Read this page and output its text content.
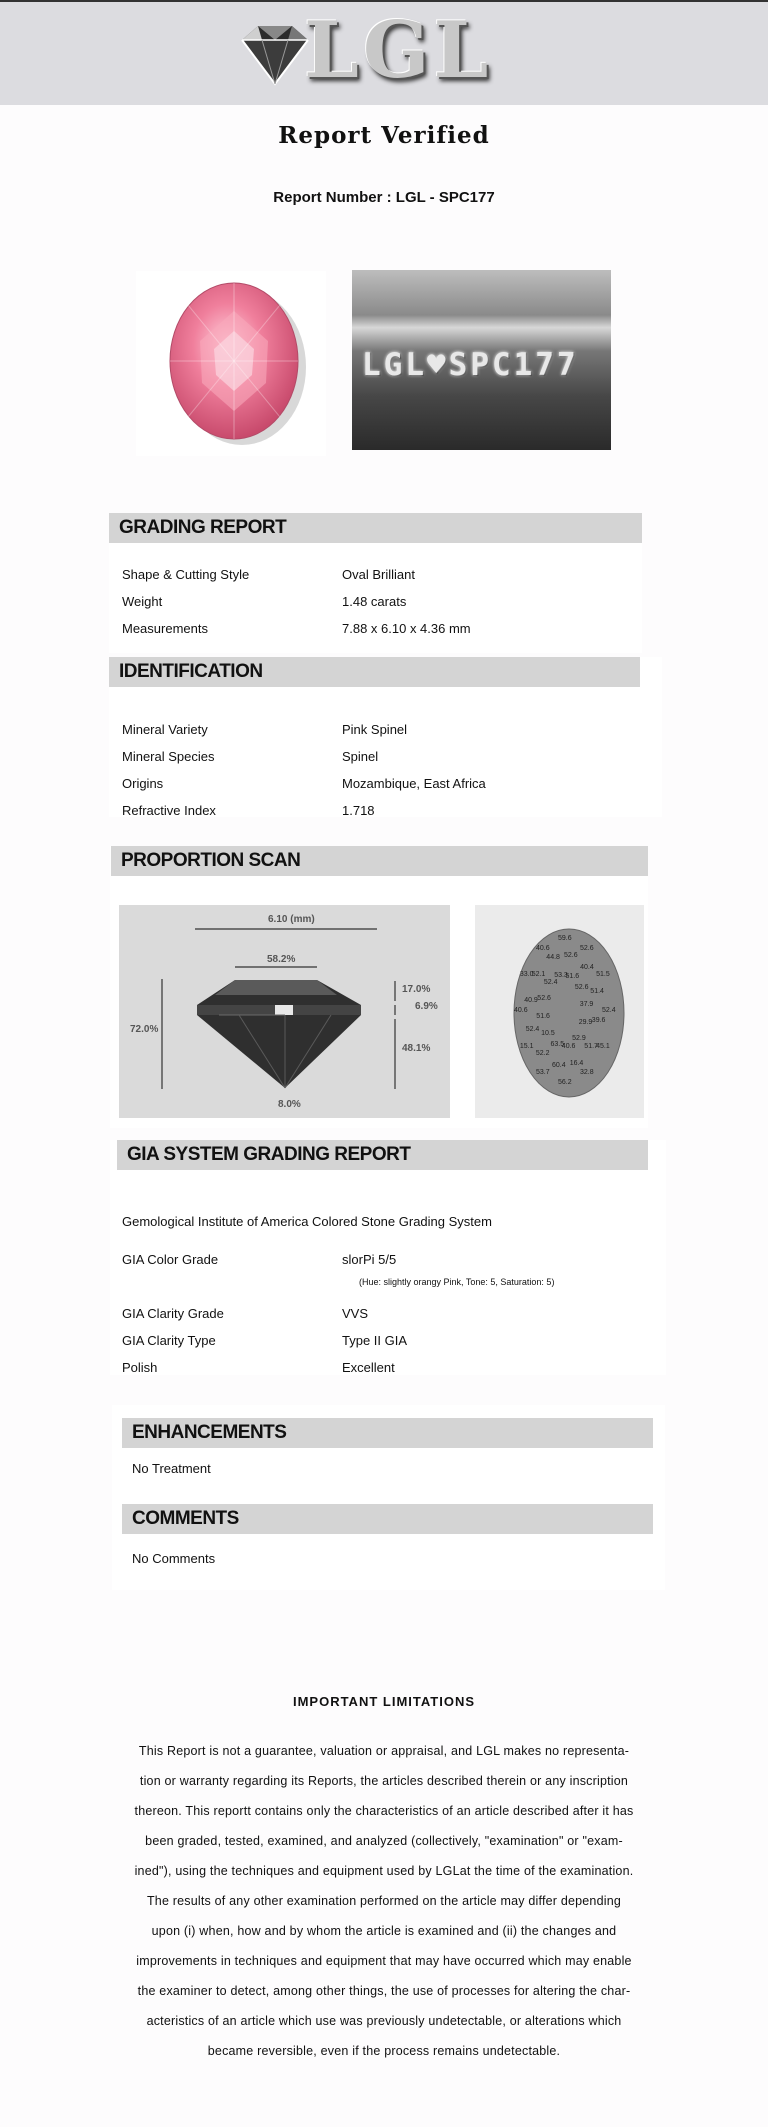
LGL
Report Verified
Report Number : LGL - SPC177
LGL♥SPC177
GRADING REPORT
Shape & Cutting Style	Oval Brilliant
Weight	1.48 carats
Measurements	7.88 x 6.10 x 4.36 mm
IDENTIFICATION
Mineral Variety	Pink Spinel
Mineral Species	Spinel
Origins	Mozambique, East Africa
Refractive Index	1.718
PROPORTION SCAN
6.10 (mm)
58.2%
72.0%
17.0%
6.9%
48.1%
8.0%
59.6
52.6
51.6
52.6
40.4
52.6
51.5
51.4
37.9
52.4
39.6
29.9
45.1
51.7
52.9
32.8
16.4
40.6
56.2
60.4
63.5
53.7
52.2
10.5
15.1
52.4
51.6
40.6
40.9 52.6
33.0
52.1
52.4
40.6
44.8
53.3
GIA SYSTEM GRADING REPORT
Gemological Institute of America Colored Stone Grading System
GIA Color Grade	slorPi 5/5
(Hue: slightly orangy Pink, Tone: 5, Saturation: 5)
GIA Clarity Grade	VVS
GIA Clarity Type	Type II GIA
Polish	Excellent
ENHANCEMENTS
No Treatment
COMMENTS
No Comments
IMPORTANT LIMITATIONS
This Report is not a guarantee, valuation or appraisal, and LGL makes no representa-
tion or warranty regarding its Reports, the articles described therein or any inscription
thereon. This reportt contains only the characteristics of an article described after it has
been graded, tested, examined, and analyzed (collectively, "examination" or "exam-
ined"), using the techniques and equipment used by LGLat the time of the examination.
The results of any other examination performed on the article may differ depending
upon (i) when, how and by whom the article is examined and (ii) the changes and
improvements in techniques and equipment that may have occurred which may enable
the examiner to detect, among other things, the use of processes for altering the char-
acteristics of an article which use was previously undetectable, or alterations which
became reversible, even if the process remains undetectable.
